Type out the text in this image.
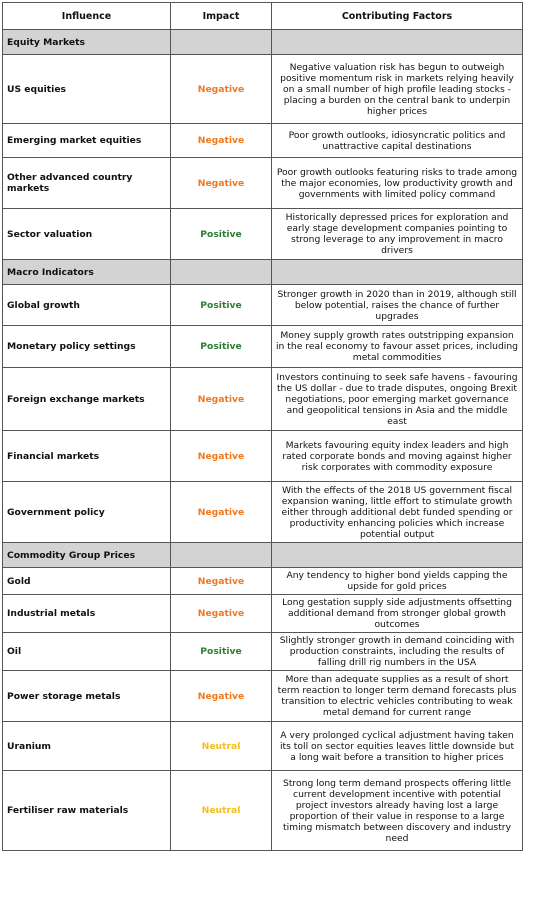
Influence	Impact	Contributing Factors
Equity Markets		
US equities	Negative	Negative valuation risk has begun to outweigh positive momentum risk in markets relying heavily on a small number of high profile leading stocks - placing a burden on the central bank to underpin higher prices
Emerging market equities	Negative	Poor growth outlooks, idiosyncratic politics and unattractive capital destinations
Other advanced country markets	Negative	Poor growth outlooks featuring risks to trade among the major economies, low productivity growth and governments with limited policy command
Sector valuation	Positive	Historically depressed prices for exploration and early stage development companies pointing to strong leverage to any improvement in macro drivers
Macro Indicators		
Global growth	Positive	Stronger growth in 2020 than in 2019, although still below potential, raises the chance of further upgrades
Monetary policy settings	Positive	Money supply growth rates outstripping expansion in the real economy to favour asset prices, including metal commodities
Foreign exchange markets	Negative	Investors continuing to seek safe havens - favouring the US dollar - due to trade disputes, ongoing Brexit negotiations, poor emerging market governance and geopolitical tensions in Asia and the middle east
Financial markets	Negative	Markets favouring equity index leaders and high rated corporate bonds and moving against higher risk corporates with commodity exposure
Government policy	Negative	With the effects of the 2018 US government fiscal expansion waning, little effort to stimulate growth either through additional debt funded spending or productivity enhancing policies which increase potential output
Commodity Group Prices		
Gold	Negative	Any tendency to higher bond yields capping the upside for gold prices
Industrial metals	Negative	Long gestation supply side adjustments offsetting additional demand from stronger global growth outcomes
Oil	Positive	Slightly stronger growth in demand coinciding with production constraints, including the results of falling drill rig numbers in the USA
Power storage metals	Negative	More than adequate supplies as a result of short term reaction to longer term demand forecasts plus transition to electric vehicles contributing to weak metal demand for current range
Uranium	Neutral	A very prolonged cyclical adjustment having taken its toll on sector equities leaves little downside but a long wait before a transition to higher prices
Fertiliser raw materials	Neutral	Strong long term demand prospects offering little current development incentive with potential project investors already having lost a large proportion of their value in response to a large timing mismatch between discovery and industry need
